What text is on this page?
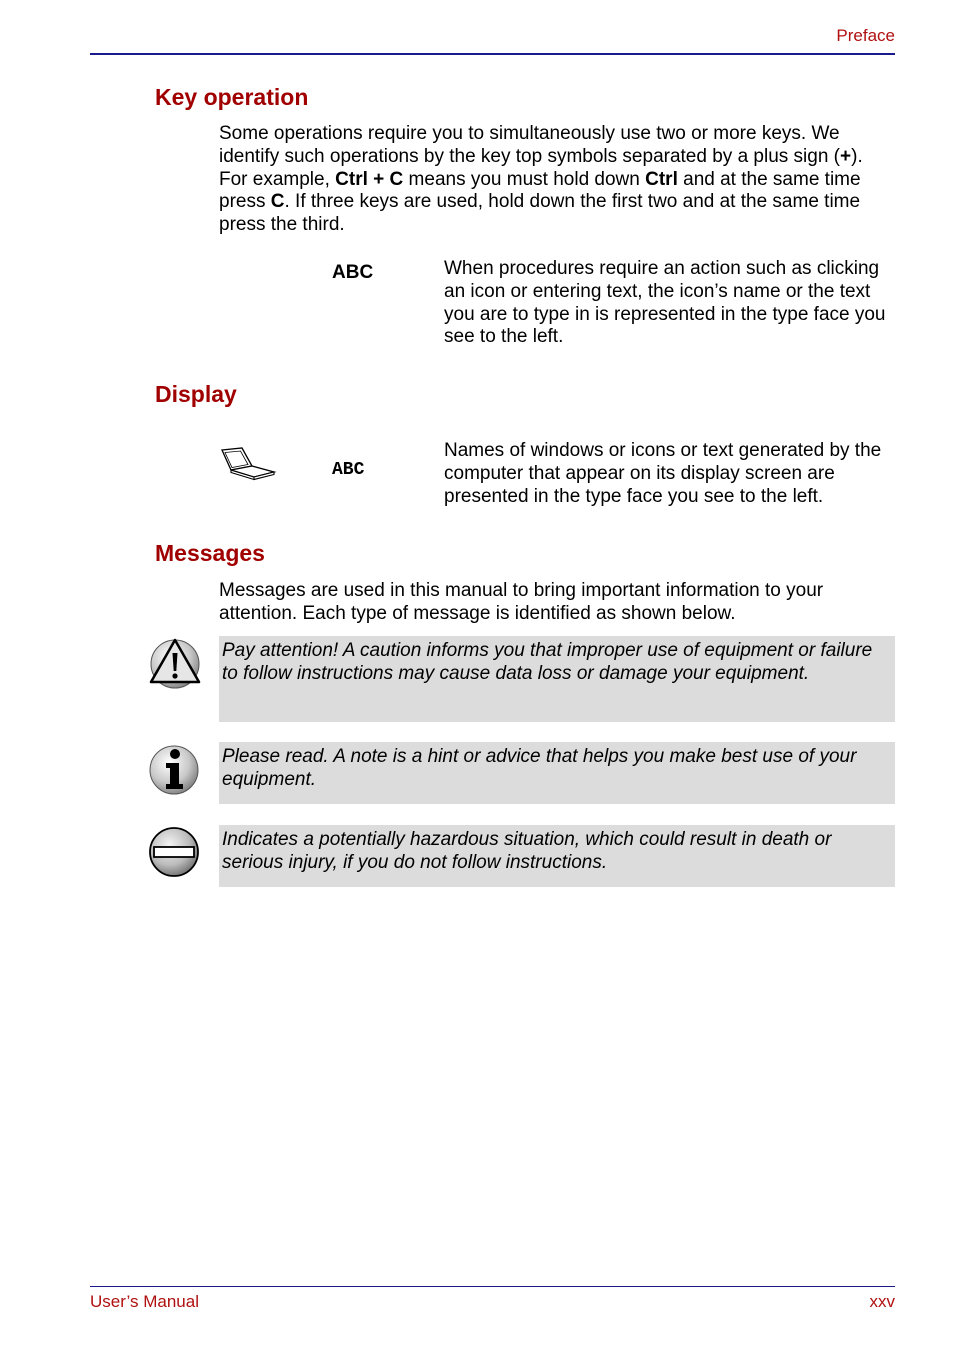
Preface
Key operation
Some operations require you to simultaneously use two or more keys. We identify such operations by the key top symbols separated by a plus sign (+). For example, Ctrl + C means you must hold down Ctrl and at the same time press C. If three keys are used, hold down the first two and at the same time press the third.
ABC	When procedures require an action such as clicking an icon or entering text, the icon’s name or the text you are to type in is represented in the type face you see to the left.
Display
ABC
Names of windows or icons or text generated by the computer that appear on its display screen are presented in the type face you see to the left.
Messages
Messages are used in this manual to bring important information to your attention. Each type of message is identified as shown below.
Pay attention! A caution informs you that improper use of equipment or failure to follow instructions may cause data loss or damage your equipment.
Please read. A note is a hint or advice that helps you make best use of your equipment.
Indicates a potentially hazardous situation, which could result in death or serious injury, if you do not follow instructions.
User’s Manual	xxv
